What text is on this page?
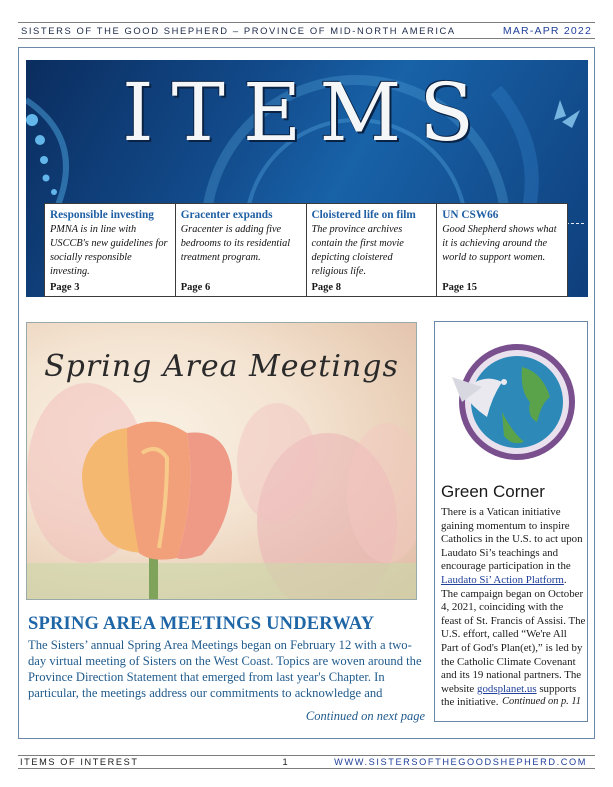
SISTERS OF THE GOOD SHEPHERD – PROVINCE OF MID-NORTH AMERICA	MAR-APR 2022
ITEMS
Responsible investing
PMNA is in line with USCCB's new guidelines for socially responsible investing.
Page 3
Gracenter expands
Gracenter is adding five bedrooms to its residential treatment program.
Page 6
Cloistered life on film
The province archives contain the first movie depicting cloistered religious life.
Page 8
UN CSW66
Good Shepherd shows what it is achieving around the world to support women.
Page 15
Spring Area Meetings
SPRING AREA MEETINGS UNDERWAY
The Sisters’ annual Spring Area Meetings began on February 12 with a two-day virtual meeting of Sisters on the West Coast. Topics are woven around the Province Direction Statement that emerged from last year's Chapter. In particular, the meetings address our commitments to acknowledge and
Continued on next page
Green Corner
There is a Vatican initiative gaining momentum to inspire Catholics in the U.S. to act upon Laudato Si’s teachings and encourage participation in the Laudato Si’ Action Platform. The campaign began on October 4, 2021, coinciding with the feast of St. Francis of Assisi. The U.S. effort, called “We're All Part of God's Plan(et),” is led by the Catholic Climate Covenant and its 19 national partners. The website godsplanet.us supports the initiative. Continued on p. 11
ITEMS OF INTEREST	1	WWW.SISTERSOFTHEGOODSHEPHERD.COM
